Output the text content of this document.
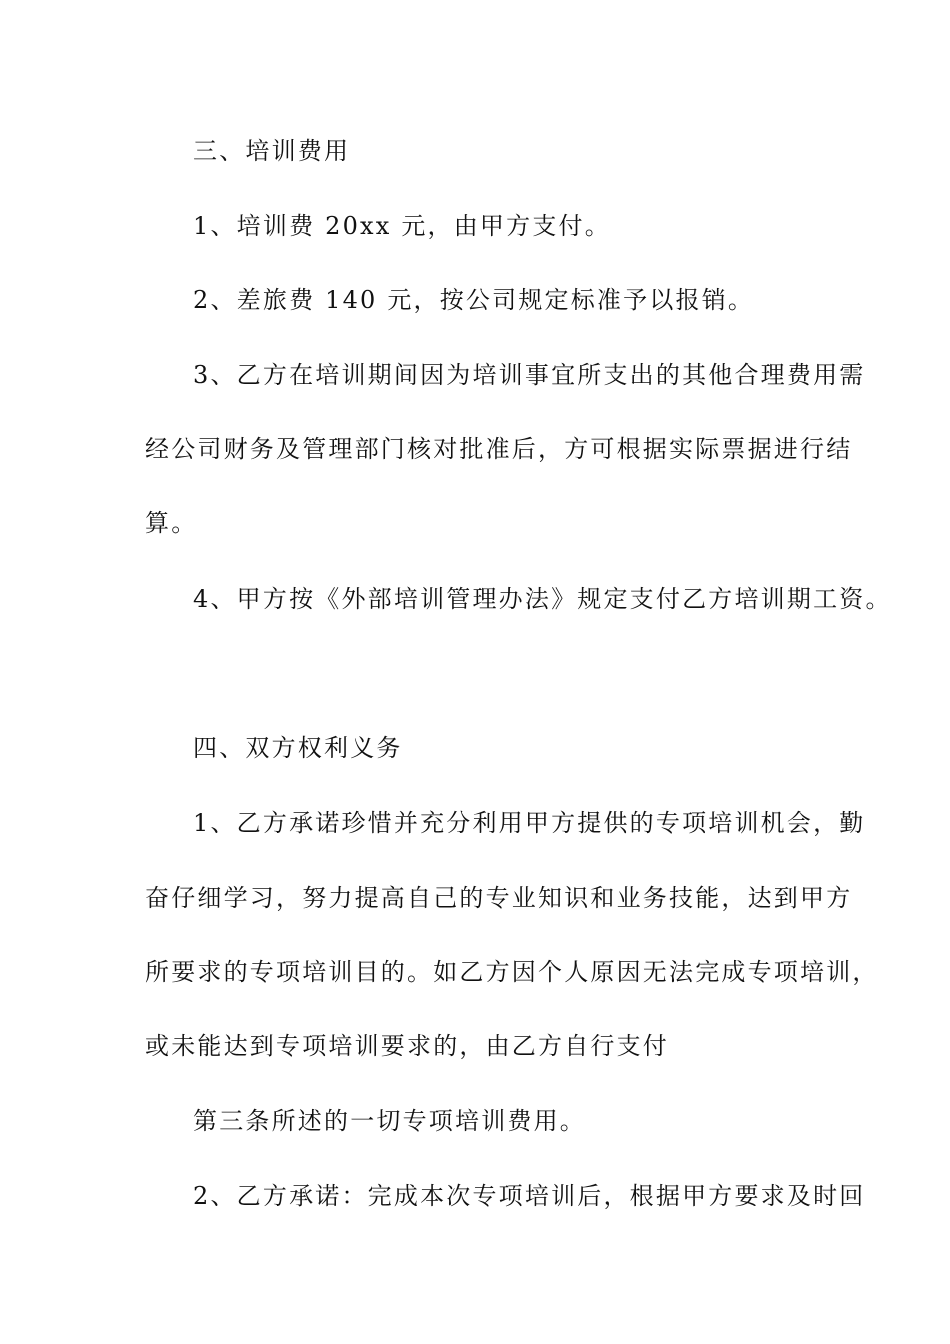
三、培训费用
1、培训费 20xx 元，由甲方支付。
2、差旅费 140 元，按公司规定标准予以报销。
3、乙方在培训期间因为培训事宜所支出的其他合理费用需
经公司财务及管理部门核对批准后，方可根据实际票据进行结
算。
4、甲方按《外部培训管理办法》规定支付乙方培训期工资。
四、双方权利义务
1、乙方承诺珍惜并充分利用甲方提供的专项培训机会，勤
奋仔细学习，努力提高自己的专业知识和业务技能，达到甲方
所要求的专项培训目的。如乙方因个人原因无法完成专项培训，
或未能达到专项培训要求的，由乙方自行支付
第三条所述的一切专项培训费用。
2、乙方承诺：完成本次专项培训后，根据甲方要求及时回
